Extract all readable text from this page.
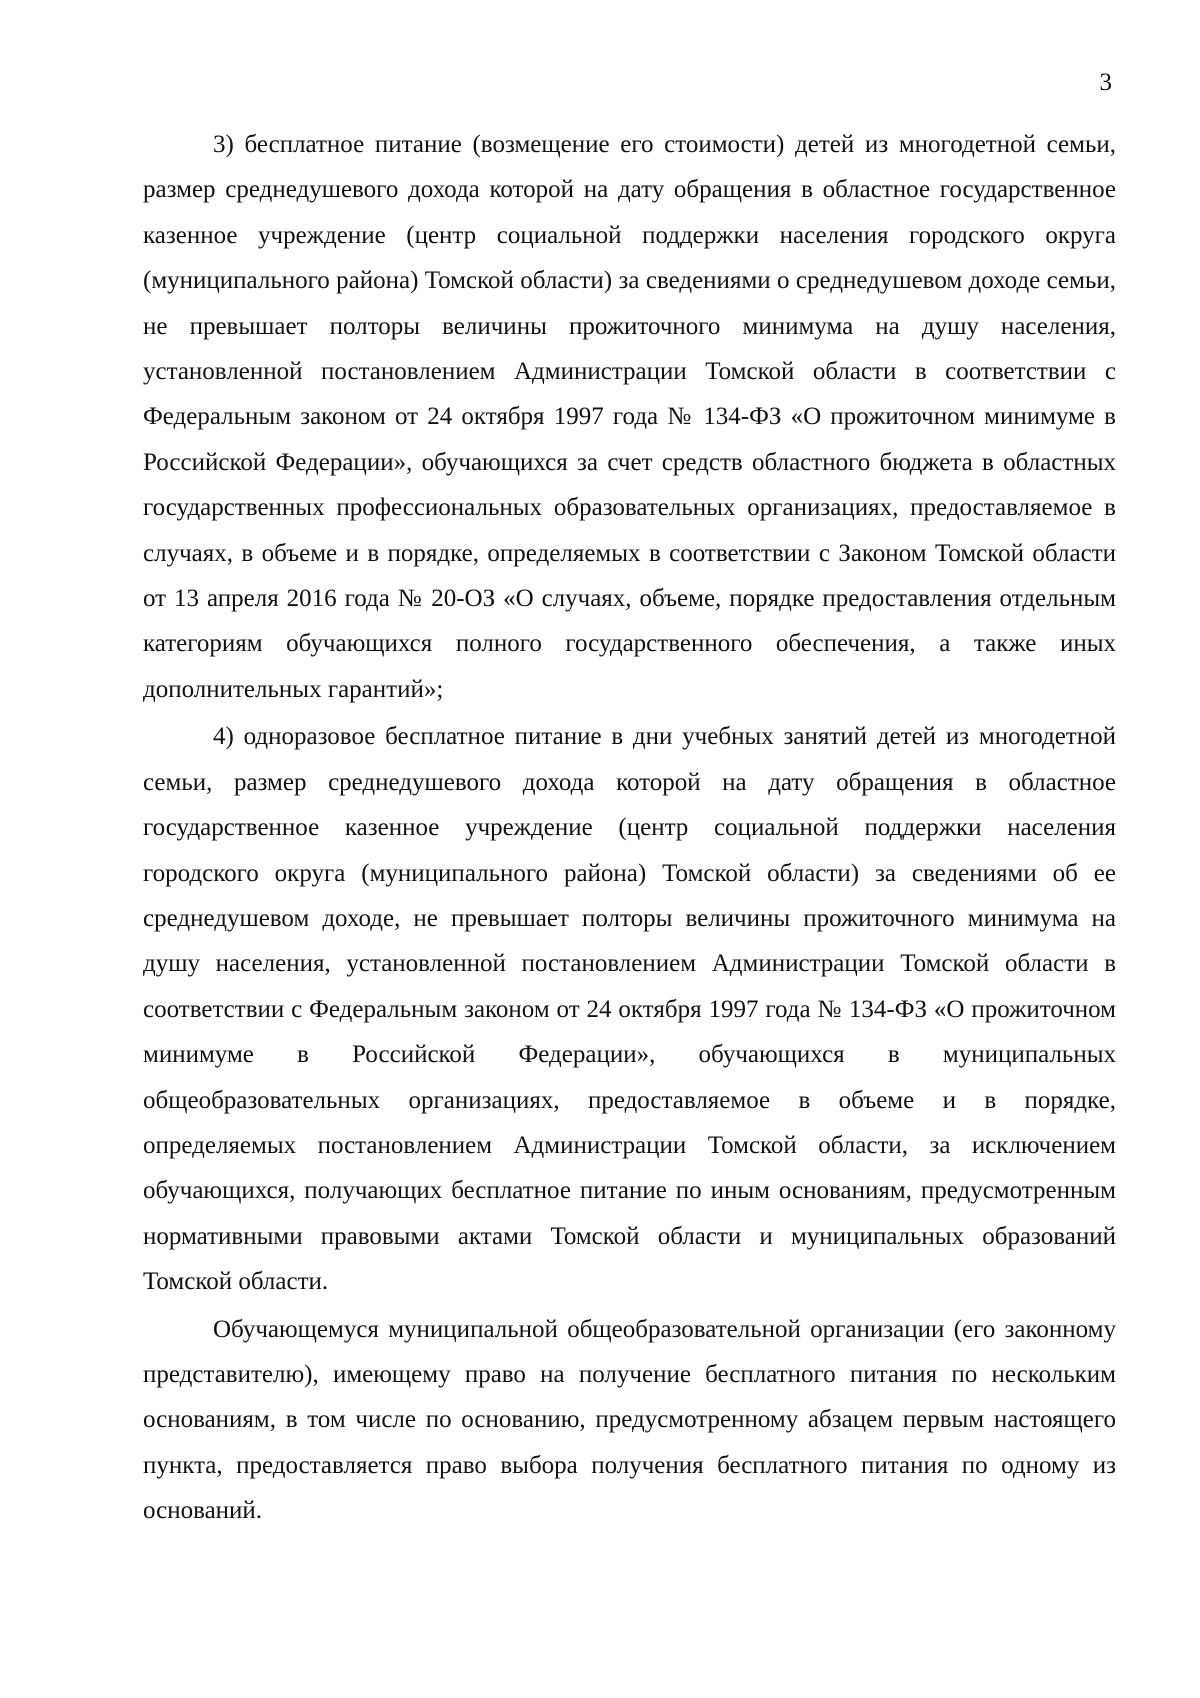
3

3) бесплатное питание (возмещение его стоимости) детей из многодетной семьи, размер среднедушевого дохода которой на дату обращения в областное государственное казенное учреждение (центр социальной поддержки населения городского округа (муниципального района) Томской области) за сведениями о среднедушевом доходе семьи, не превышает полторы величины прожиточного минимума на душу населения, установленной постановлением Администрации Томской области в соответствии с Федеральным законом от 24 октября 1997 года № 134-ФЗ «О прожиточном минимуме в Российской Федерации», обучающихся за счет средств областного бюджета в областных государственных профессиональных образовательных организациях, предоставляемое в случаях, в объеме и в порядке, определяемых в соответствии с Законом Томской области от 13 апреля 2016 года № 20-ОЗ «О случаях, объеме, порядке предоставления отдельным категориям обучающихся полного государственного обеспечения, а также иных дополнительных гарантий»;

4) одноразовое бесплатное питание в дни учебных занятий детей из многодетной семьи, размер среднедушевого дохода которой на дату обращения в областное государственное казенное учреждение (центр социальной поддержки населения городского округа (муниципального района) Томской области) за сведениями об ее среднедушевом доходе, не превышает полторы величины прожиточного минимума на душу населения, установленной постановлением Администрации Томской области в соответствии с Федеральным законом от 24 октября 1997 года № 134-ФЗ «О прожиточном минимуме в Российской Федерации», обучающихся в муниципальных общеобразовательных организациях, предоставляемое в объеме и в порядке, определяемых постановлением Администрации Томской области, за исключением обучающихся, получающих бесплатное питание по иным основаниям, предусмотренным нормативными правовыми актами Томской области и муниципальных образований Томской области.

Обучающемуся муниципальной общеобразовательной организации (его законному представителю), имеющему право на получение бесплатного питания по нескольким основаниям, в том числе по основанию, предусмотренному абзацем первым настоящего пункта, предоставляется право выбора получения бесплатного питания по одному из оснований.
